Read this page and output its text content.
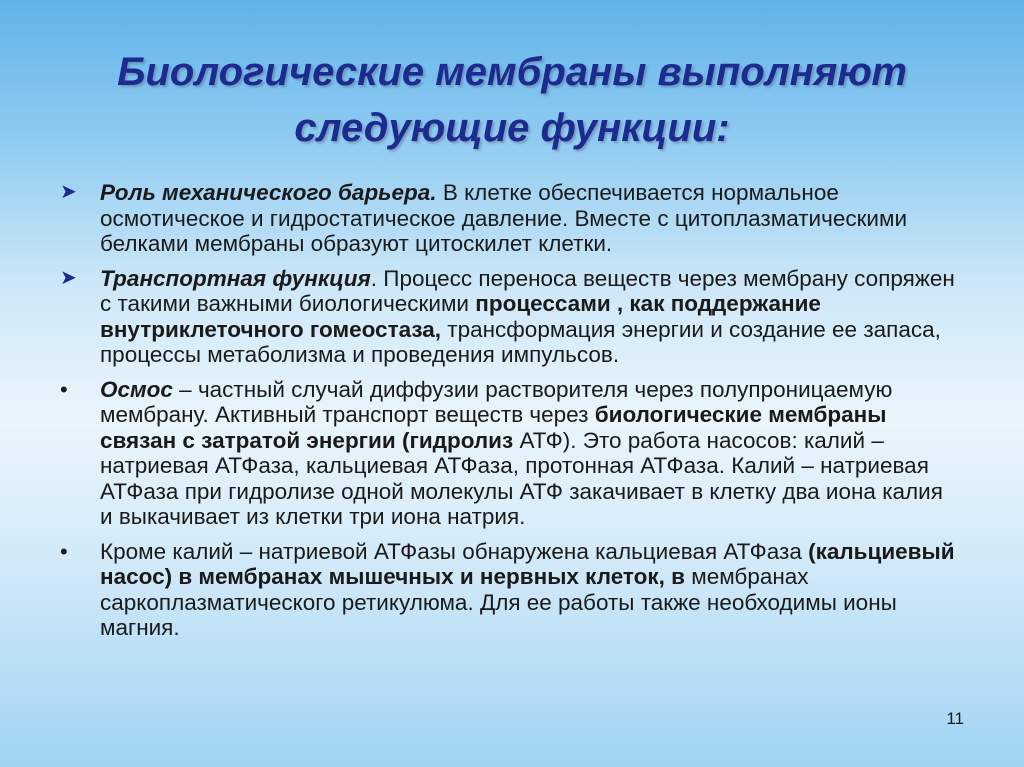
Биологические мембраны выполняют
следующие функции:
➤	Роль механического барьера. В клетке обеспечивается нормальное осмотическое и гидростатическое давление. Вместе с цитоплазматическими белками мембраны образуют цитоскилет клетки.
➤	Транспортная функция. Процесс переноса веществ через мембрану сопряжен с такими важными биологическими процессами , как поддержание внутриклеточного гомеостаза, трансформация энергии и создание ее запаса, процессы метаболизма и проведения импульсов.
•	Осмос – частный случай диффузии растворителя через полупроницаемую мембрану. Активный транспорт веществ через биологические мембраны связан с затратой энергии (гидролиз АТФ). Это работа насосов: калий – натриевая АТФаза, кальциевая АТФаза, протонная АТФаза. Калий – натриевая АТФаза при гидролизе одной молекулы АТФ закачивает в клетку два иона калия и выкачивает из клетки три иона натрия.
•	Кроме калий – натриевой АТФазы обнаружена кальциевая АТФаза (кальциевый насос) в мембранах мышечных и нервных клеток, в мембранах саркоплазматического ретикулюма. Для ее работы также необходимы ионы магния.
11
